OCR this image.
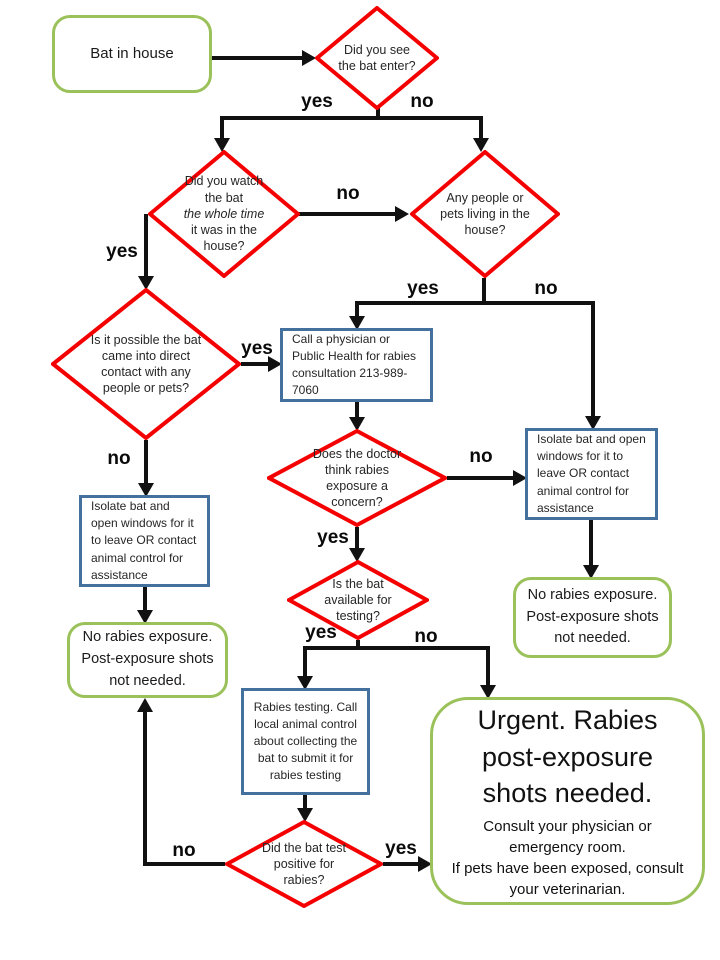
yes	no
no
yes
yes	no
yes
no	no
yes
yes	no
no	yes
Bat in house	Did you see the bat enter?
Did you watch the bat
the whole time
it was in the house?
Any people or pets living in the house?
Is it possible the bat came into direct contact with any people or pets?
Call a physician or Public Health for rabies consultation 213-989-7060
Does the doctor think rabies exposure a concern?
Isolate bat and open windows for it to leave OR contact animal control for assistance
Isolate bat and open windows for it to leave OR contact animal control for assistance
Is the bat available for testing?
No rabies exposure. Post-exposure shots not needed.
No rabies exposure. Post-exposure shots not needed.
Rabies testing. Call local animal control about collecting the bat to submit it for rabies testing
Urgent. Rabies post-exposure shots needed.
Consult your physician or emergency room.
If pets have been exposed, consult your veterinarian.
Did the bat test positive for rabies?
